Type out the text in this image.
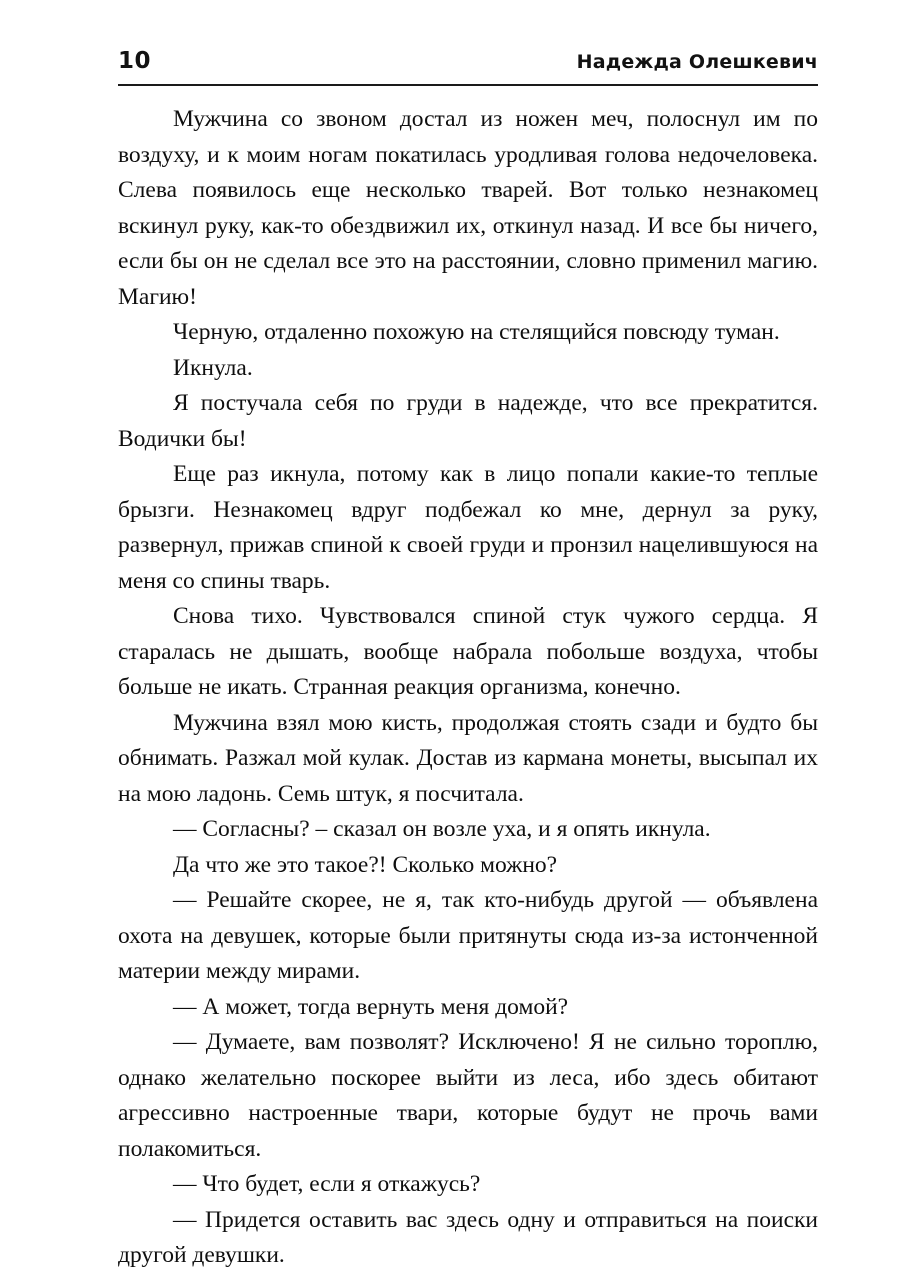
10	Надежда Олешкевич

Мужчина со звоном достал из ножен меч, полоснул им по воздуху, и к моим ногам покатилась уродливая голова недочеловека. Слева появилось еще несколько тварей. Вот только незнакомец вскинул руку, как-то обездвижил их, откинул назад. И все бы ничего, если бы он не сделал все это на расстоянии, словно применил магию. Магию!

Черную, отдаленно похожую на стелящийся повсюду туман.

Икнула.

Я постучала себя по груди в надежде, что все прекратится. Водички бы!

Еще раз икнула, потому как в лицо попали какие-то теплые брызги. Незнакомец вдруг подбежал ко мне, дернул за руку, развернул, прижав спиной к своей груди и пронзил нацелившуюся на меня со спины тварь.

Снова тихо. Чувствовался спиной стук чужого сердца. Я старалась не дышать, вообще набрала побольше воздуха, чтобы больше не икать. Странная реакция организма, конечно.

Мужчина взял мою кисть, продолжая стоять сзади и будто бы обнимать. Разжал мой кулак. Достав из кармана монеты, высыпал их на мою ладонь. Семь штук, я посчитала.

— Согласны? – сказал он возле уха, и я опять икнула.

Да что же это такое?! Сколько можно?

— Решайте скорее, не я, так кто-нибудь другой — объявлена охота на девушек, которые были притянуты сюда из-за истонченной материи между мирами.

— А может, тогда вернуть меня домой?

— Думаете, вам позволят? Исключено! Я не сильно тороплю, однако желательно поскорее выйти из леса, ибо здесь обитают агрессивно настроенные твари, которые будут не прочь вами полакомиться.

— Что будет, если я откажусь?

— Придется оставить вас здесь одну и отправиться на поиски другой девушки.
